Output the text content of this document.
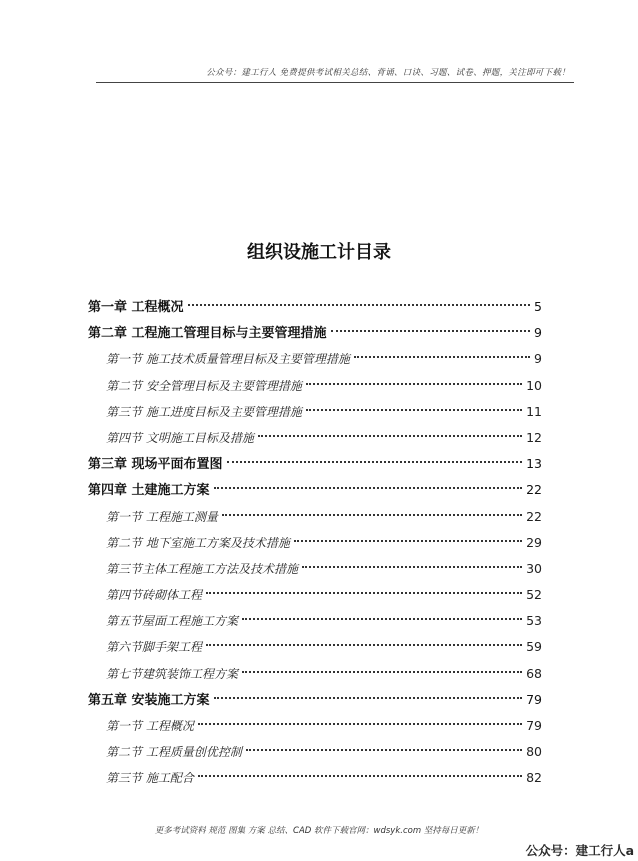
公众号：建工行人 免费提供考试相关总结、背诵、口诀、习题、试卷、押题，关注即可下载！
组织设施工计目录
第一章 工程概况	5
第二章 工程施工管理目标与主要管理措施	9
第一节 施工技术质量管理目标及主要管理措施	9
第二节 安全管理目标及主要管理措施	10
第三节 施工进度目标及主要管理措施	11
第四节 文明施工目标及措施	12
第三章 现场平面布置图	13
第四章 土建施工方案	22
第一节 工程施工测量	22
第二节 地下室施工方案及技术措施	29
第三节主体工程施工方法及技术措施	30
第四节砖砌体工程	52
第五节屋面工程施工方案	53
第六节脚手架工程	59
第七节建筑装饰工程方案	68
第五章 安装施工方案	79
第一节 工程概况	79
第二节 工程质量创优控制	80
第三节 施工配合	82
更多考试资料 规范 图集 方案 总结、CAD 软件下载官网：wdsyk.com 坚持每日更新！
公众号：建工行人a
